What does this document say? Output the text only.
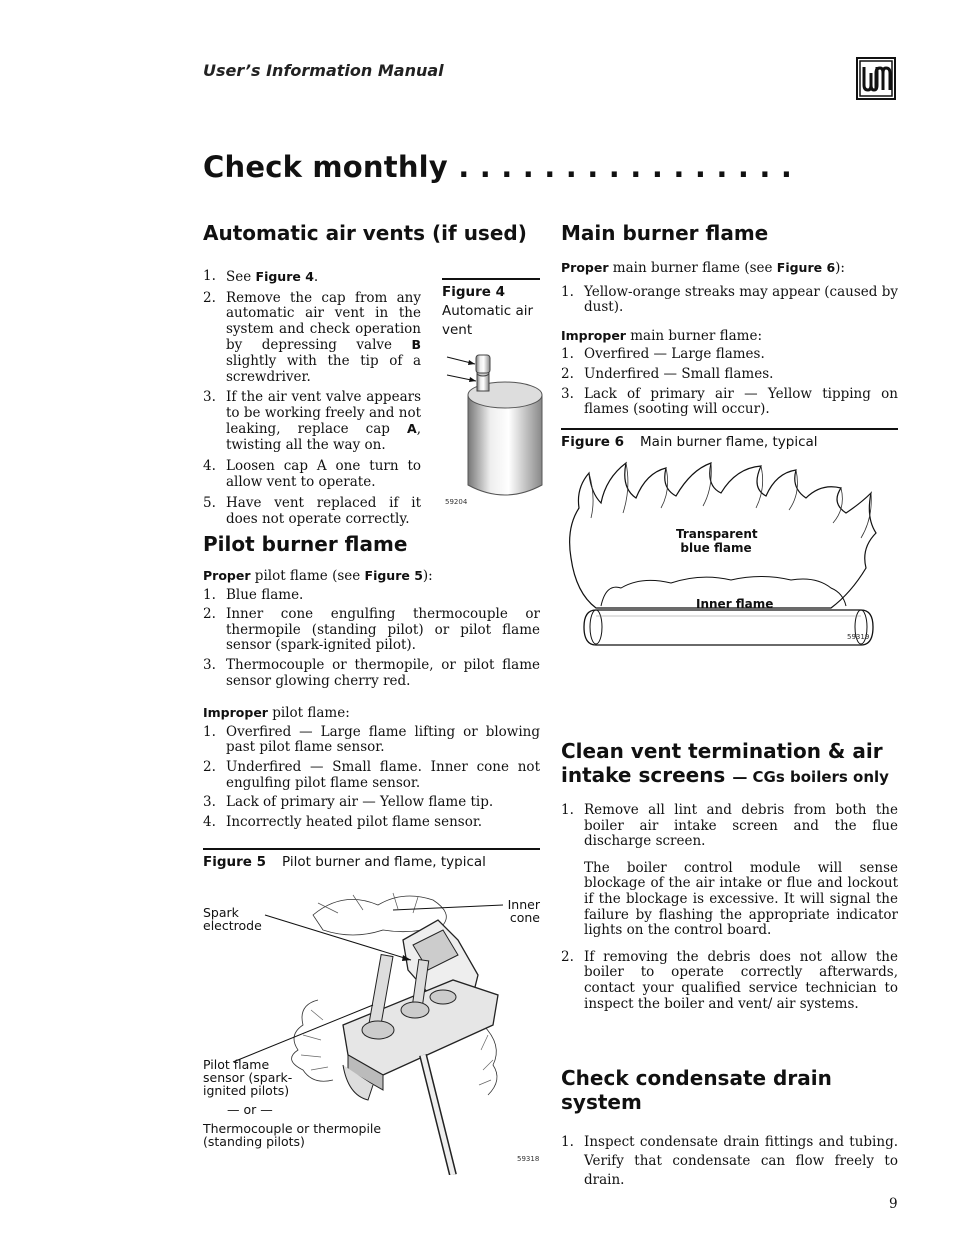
User’s Information Manual
Check monthly . . . . . . . . . . . . . . . .
Automatic air vents (if used)
1. See Figure 4.
2. Remove the cap from any automatic air vent in the system and check operation by depressing valve B slightly with the tip of a screwdriver.
3. If the air vent valve appears to be working freely and not leaking, replace cap A, twisting all the way on.
4. Loosen cap A one turn to allow vent to operate.
5. Have vent replaced if it does not operate correctly.
Figure 4
Automatic air vent
59204
Pilot burner flame
Proper pilot flame (see Figure 5):
1. Blue flame.
2. Inner cone engulfing thermocouple or thermopile (standing pilot) or pilot flame sensor (spark-ignited pilot).
3. Thermocouple or thermopile, or pilot flame sensor glowing cherry red.
Improper pilot flame:
1. Overfired — Large flame lifting or blowing past pilot flame sensor.
2. Underfired — Small flame. Inner cone not engulfing pilot flame sensor.
3. Lack of primary air — Yellow flame tip.
4. Incorrectly heated pilot flame sensor.
Figure 5 Pilot burner and flame, typical
Spark electrode
Inner cone
Pilot flame sensor (spark-ignited pilots)
— or —
Thermocouple or thermopile (standing pilots)
59318
Main burner flame
Proper main burner flame (see Figure 6):
1. Yellow-orange streaks may appear (caused by dust).
Improper main burner flame:
1. Overfired — Large flames.
2. Underfired — Small flames.
3. Lack of primary air — Yellow tipping on flames (sooting will occur).
Figure 6 Main burner flame, typical
Transparent blue flame
Inner flame
59319
Clean vent termination & air intake screens — CGs boilers only
1. Remove all lint and debris from both the boiler air intake screen and the flue discharge screen.
The boiler control module will sense blockage of the air intake or flue and lockout if the blockage is excessive. It will signal the failure by flashing the appropriate indicator lights on the control board.
2. If removing the debris does not allow the boiler to operate correctly afterwards, contact your qualified service technician to inspect the boiler and vent/ air systems.
Check condensate drain system
1. Inspect condensate drain fittings and tubing. Verify that condensate can flow freely to drain.
9
